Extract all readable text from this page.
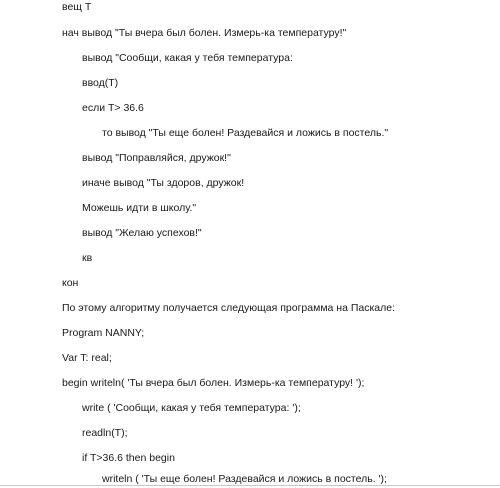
вещ Т
нач вывод "Ты вчера был болен. Измерь-ка температуру!"
вывод "Сообщи, какая у тебя температура:
ввод(Т)
если Т> 36.6
то вывод "Ты еще болен! Раздевайся и ложись в постель."
вывод "Поправляйся, дружок!"
иначе вывод "Ты здоров, дружок!
Можешь идти в школу."
вывод "Желаю успехов!"
кв
кон
По этому алгоритму получается следующая программа на Паскале:
Program NANNY;
Var T: real;
begin writeln( 'Ты вчера был болен. Измерь-ка температуру! ');
write ( 'Сообщи, какая у тебя температура: ');
readln(T);
if T>36.6 then begin
writeln ( 'Ты еще болен! Раздевайся и ложись в постель. ');
